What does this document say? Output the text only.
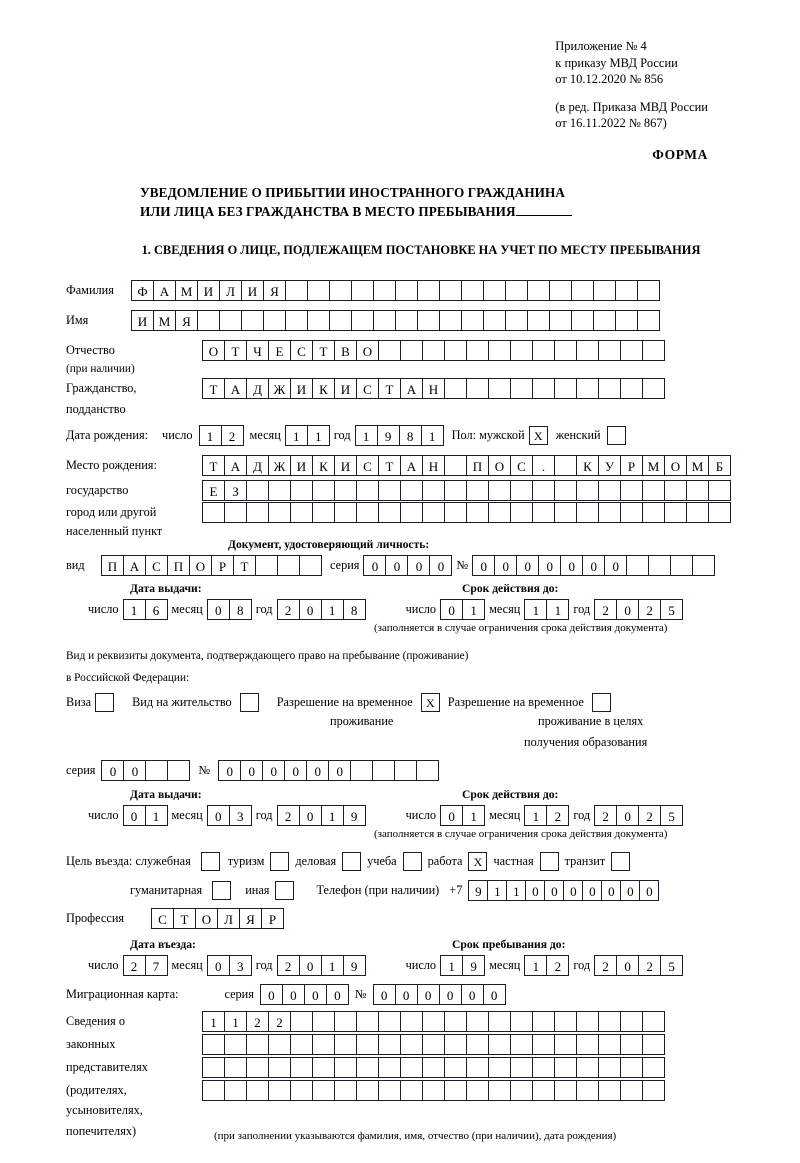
Приложение № 4
к приказу МВД России
от 10.12.2020 № 856
(в ред. Приказа МВД России
от 16.11.2022 № 867)
ФОРМА
УВЕДОМЛЕНИЕ О ПРИБЫТИИ ИНОСТРАННОГО ГРАЖДАНИНА
ИЛИ ЛИЦА БЕЗ ГРАЖДАНСТВА В МЕСТО ПРЕБЫВАНИЯ
1. СВЕДЕНИЯ О ЛИЦЕ, ПОДЛЕЖАЩЕМ ПОСТАНОВКЕ НА УЧЕТ ПО МЕСТУ ПРЕБЫВАНИЯ
Фамилия	Ф А М И Л И Я
Имя	И М Я
Отчество	О	Т	Ч	Е	С	Т	В О
(при наличии)
Гражданство,	Т	А Д Ж И К И С	Т	А Н
подданство
Дата рождения: число	1	2	месяц 1	1 год 1	9	8	1	Пол: мужской Х	женский
Место рождения:	Т	А Д Ж И К И С	Т	А Н	П О С	.	К	У	Р М О М Б
государство	Е	З
город или другой
населенный пункт
Документ, удостоверяющий личность:
вид	П А С П О	Р	Т	серия 0	0	0	0 № 0	0	0	0	0	0	0
Дата выдачи:	Срок действия до:
число 1	6 месяц 0	8 год 2	0	1	8	число 0	1 месяц 1	1 год 2	0	2	5
(заполняется в случае ограничения срока действия документа)
Вид и реквизиты документа, подтверждающего право на пребывание (проживание)
в Российской Федерации:
Виза	Вид на жительство	Разрешение на временное	Х	Разрешение на временное
проживание	проживание в целях
получения образования
серия	0	0	№	0	0	0	0	0	0
Дата выдачи:	Срок действия до:
число 0	1 месяц 0	3 год 2	0	1	9	число 0	1 месяц 1	2 год 2	0	2	5
(заполняется в случае ограничения срока действия документа)
Цель въезда: служебная	туризм	деловая	учеба	работа Х частная	транзит
гуманитарная	иная	Телефон (при наличии) +7 9 1 1 0 0 0 0 0 0 0
Профессия	С	Т	О Л	Я	Р
Дата въезда:	Срок пребывания до:
число 2	7 месяц 0	3 год 2	0	1	9	число 1	9 месяц 1	2 год 2	0	2	5
Миграционная карта:	серия	0	0	0	0	№	0	0	0	0	0	0
Сведения о	1	1	2	2
законных
представителях
(родителях,
усыновителях,
попечителях)	(при заполнении указываются фамилия, имя, отчество (при наличии), дата рождения)
